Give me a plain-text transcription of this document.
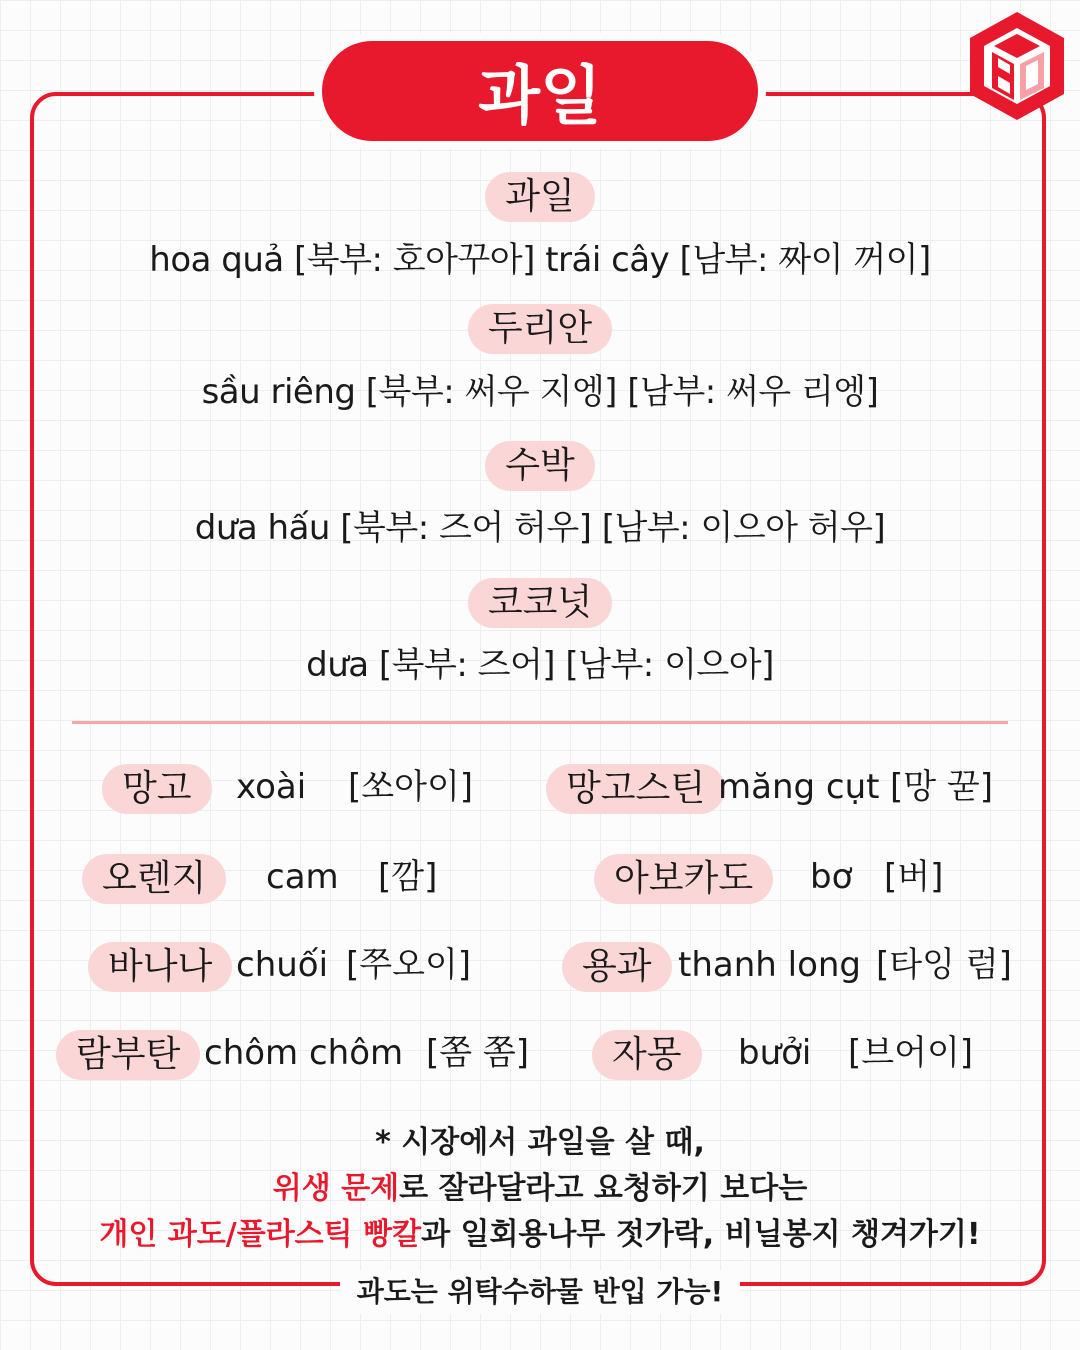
과일
과일
hoa quả [북부: 호아꾸아] trái cây [남부: 짜이 꺼이]
두리안
sầu riêng [북부: 써우 지엥] [남부: 써우 리엥]
수박
dưa hấu [북부: 즈어 허우] [남부: 이으아 허우]
코코넛
dưa [북부: 즈어] [남부: 이으아]
망고 xoài [쏘아이]
오렌지 cam [깜]
바나나 chuối [쭈오이]
람부탄 chôm chôm [쫌 쫌]
망고스틴 măng cụt [망 꾿]
아보카도 bơ [버]
용과 thanh long [타잉 럼]
자몽 bưởi [브어이]
* 시장에서 과일을 살 때,
위생 문제로 잘라달라고 요청하기 보다는
개인 과도/플라스틱 빵칼과 일회용나무 젓가락, 비닐봉지 챙겨가기!
과도는 위탁수하물 반입 가능!
